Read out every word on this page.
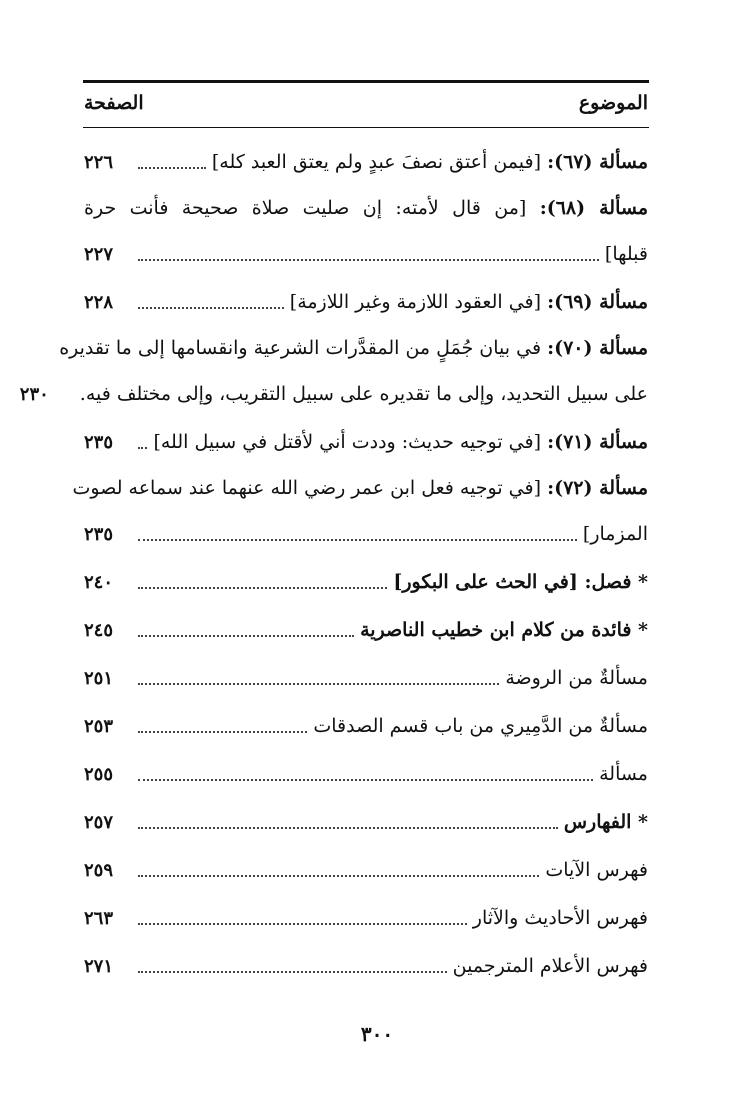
الموضوع
الصفحة
مسألة (٦٧): [فيمن أعتق نصفَ عبدٍ ولم يعتق العبد كله]
٢٢٦
مسألة (٦٨): [من قال لأمته: إن صليت صلاة صحيحة فأنت حرة
قبلها]
٢٢٧
مسألة (٦٩): [في العقود اللازمة وغير اللازمة]
٢٢٨
مسألة (٧٠): في بيان جُمَلٍ من المقدَّرات الشرعية وانقسامها إلى ما تقديره
على سبيل التحديد، وإلى ما تقديره على سبيل التقريب، وإلى مختلف فيه.
٢٣٠
مسألة (٧١): [في توجيه حديث: وددت أني لأقتل في سبيل الله]
٢٣٥
مسألة (٧٢): [في توجيه فعل ابن عمر رضي الله عنهما عند سماعه لصوت
المزمار]
٢٣٥
* فصل: [في الحث على البكور]
٢٤٠
* فائدة من كلام ابن خطيب الناصرية
٢٤٥
مسألةٌ من الروضة
٢٥١
مسألةٌ من الدَّمِيري من باب قسم الصدقات
٢٥٣
مسألة
٢٥٥
* الفهارس
٢٥٧
فهرس الآيات
٢٥٩
فهرس الأحاديث والآثار
٢٦٣
فهرس الأعلام المترجمين
٢٧١
٣٠٠
